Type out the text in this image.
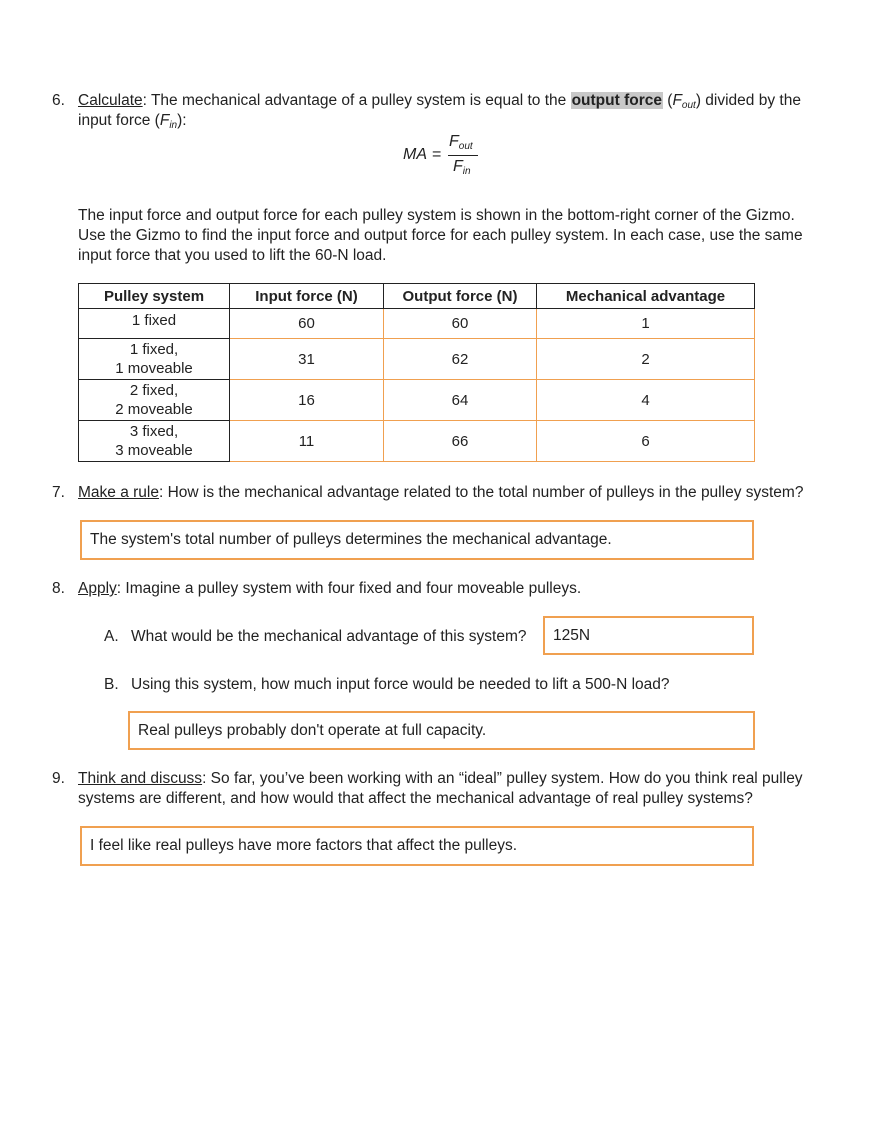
6. Calculate: The mechanical advantage of a pulley system is equal to the output force $(F_{out})$ divided by the
input force $(F_{in})$:
MA =
$F_{out}$
$F_{in}$
The input force and output force for each pulley system is shown in the bottom-right corner of the Gizmo.
Use the Gizmo to find the input force and output force for each pulley system. In each case, use the same
input force that you used to lift the 60-N load.
Pulley system	Input force (N)	Output force (N)	Mechanical advantage

1 fixed	60	60	1

1 fixed,
1 moveable	31	62	2

2 fixed,
2 moveable	16	64	4

3 fixed,
3 moveable	11	66	6
7. Make a rule: How is the mechanical advantage related to the total number of pulleys in the pulley system?
The system's total number of pulleys determines the mechanical advantage.
8. Apply: Imagine a pulley system with four fixed and four moveable pulleys.
A. What would be the mechanical advantage of this system?	125N
B. Using this system, how much input force would be needed to lift a 500-N load?
Real pulleys probably don't operate at full capacity.
9. Think and discuss: So far, you’ve been working with an “ideal” pulley system. How do you think real pulley
systems are different, and how would that affect the mechanical advantage of real pulley systems?
I feel like real pulleys have more factors that affect the pulleys.
